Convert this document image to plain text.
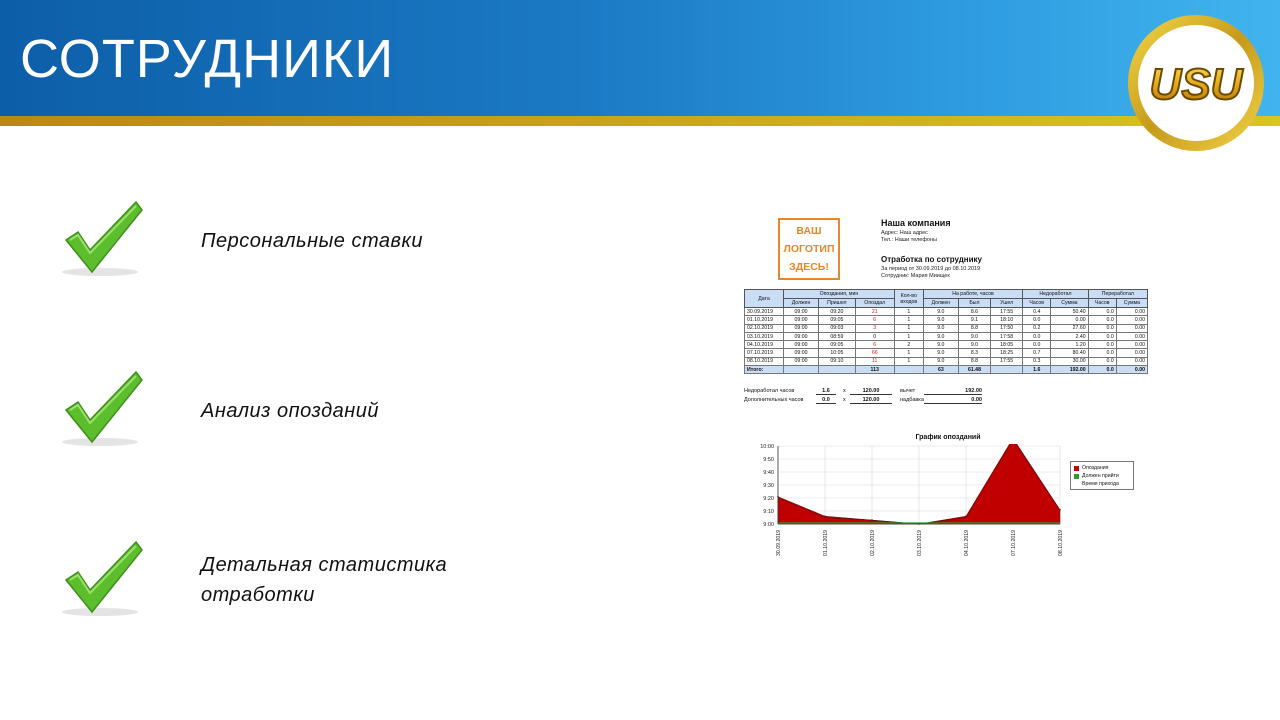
СОТРУДНИКИ	USU
Персональные ставки
Анализ опозданий
Детальная статистика
отработки
ВАШ
ЛОГОТИП
ЗДЕСЬ!
Наша компания
Адрес: Наш адрес
Тел.: Наши телефоны
Отработка по сотруднику
За период от 30.09.2019 до 08.10.2019
Сотрудник: Мария Миищек
Дата	Опоздания, мин			Кол-во входов	На работе, часов			Недоработал		Переработал	
	Должен	Пришел	Опоздал		Должен	Был	Ушел	Часов	Сумма	Часов	Сумма
30.09.2019	09:00	09:20	21	1	9.0	8.6	17:55	0.4	50.40	0.0	0.00
01.10.2019	09:00	09:05	6	1	9.0	9.1	18:10	0.0	0.00	0.0	0.00
02.10.2019	09:00	09:03	3	1	9.0	8.8	17:50	0.2	27.60	0.0	0.00
03.10.2019	09:00	08:59	0	1	9.0	9.0	17:58	0.0	2.40	0.0	0.00
04.10.2019	09:00	09:05	6	2	9.0	9.0	18:05	0.0	1.20	0.0	0.00
07.10.2019	09:00	10:05	66	1	9.0	8.3	18:25	0.7	80.40	0.0	0.00
08.10.2019	09:00	09:10	11	1	9.0	8.8	17:55	0.3	30.00	0.0	0.00
Итого:			113		63	61.48		1.6	192.00	0.0	0.00
Недоработал часов	1.6	x	120.00	вычет	192.00
Дополнительных часов	0.0	x	120.00	надбавка	0.00
График опозданий
9:00
9:10
9:20
9:30
9:40
9:50
10:00
30.09.2019	01.10.2019	02.10.2019	03.10.2019	04.10.2019	07.10.2019	08.10.2019
Опоздания
Должен прийти
Время прихода
